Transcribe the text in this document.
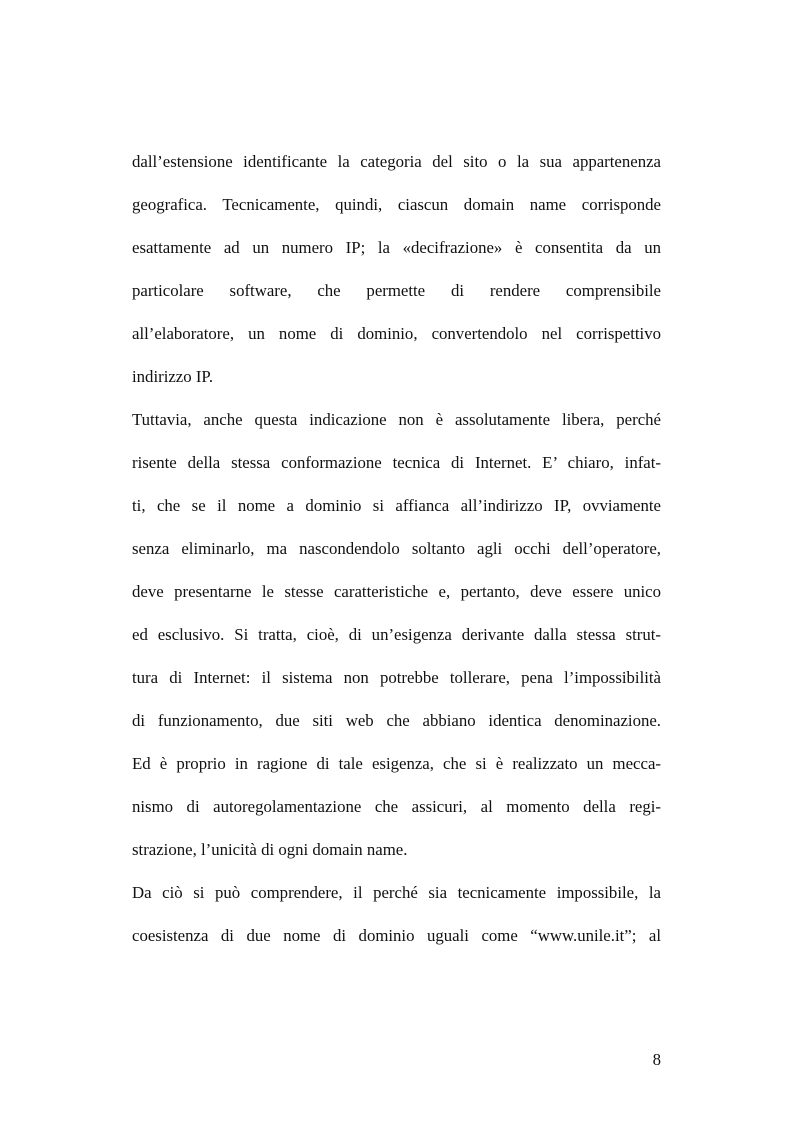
dall’estensione identificante la categoria del sito o la sua appartenenza
geografica. Tecnicamente, quindi, ciascun domain name corrisponde
esattamente ad un numero IP; la «decifrazione» è consentita da un
particolare software, che permette di rendere comprensibile
all’elaboratore, un nome di dominio, convertendolo nel corrispettivo
indirizzo IP.
Tuttavia, anche questa indicazione non è assolutamente libera, perché
risente della stessa conformazione tecnica di Internet. E’ chiaro, infat-
ti, che se il nome a dominio si affianca all’indirizzo IP, ovviamente
senza eliminarlo, ma nascondendolo soltanto agli occhi dell’operatore,
deve presentarne le stesse caratteristiche e, pertanto, deve essere unico
ed esclusivo. Si tratta, cioè, di un’esigenza derivante dalla stessa strut-
tura di Internet: il sistema non potrebbe tollerare, pena l’impossibilità
di funzionamento, due siti web che abbiano identica denominazione.
Ed è proprio in ragione di tale esigenza, che si è realizzato un mecca-
nismo di autoregolamentazione che assicuri, al momento della regi-
strazione, l’unicità di ogni domain name.
Da ciò si può comprendere, il perché sia tecnicamente impossibile, la
coesistenza di due nome di dominio uguali come “www.unile.it”; al
8
